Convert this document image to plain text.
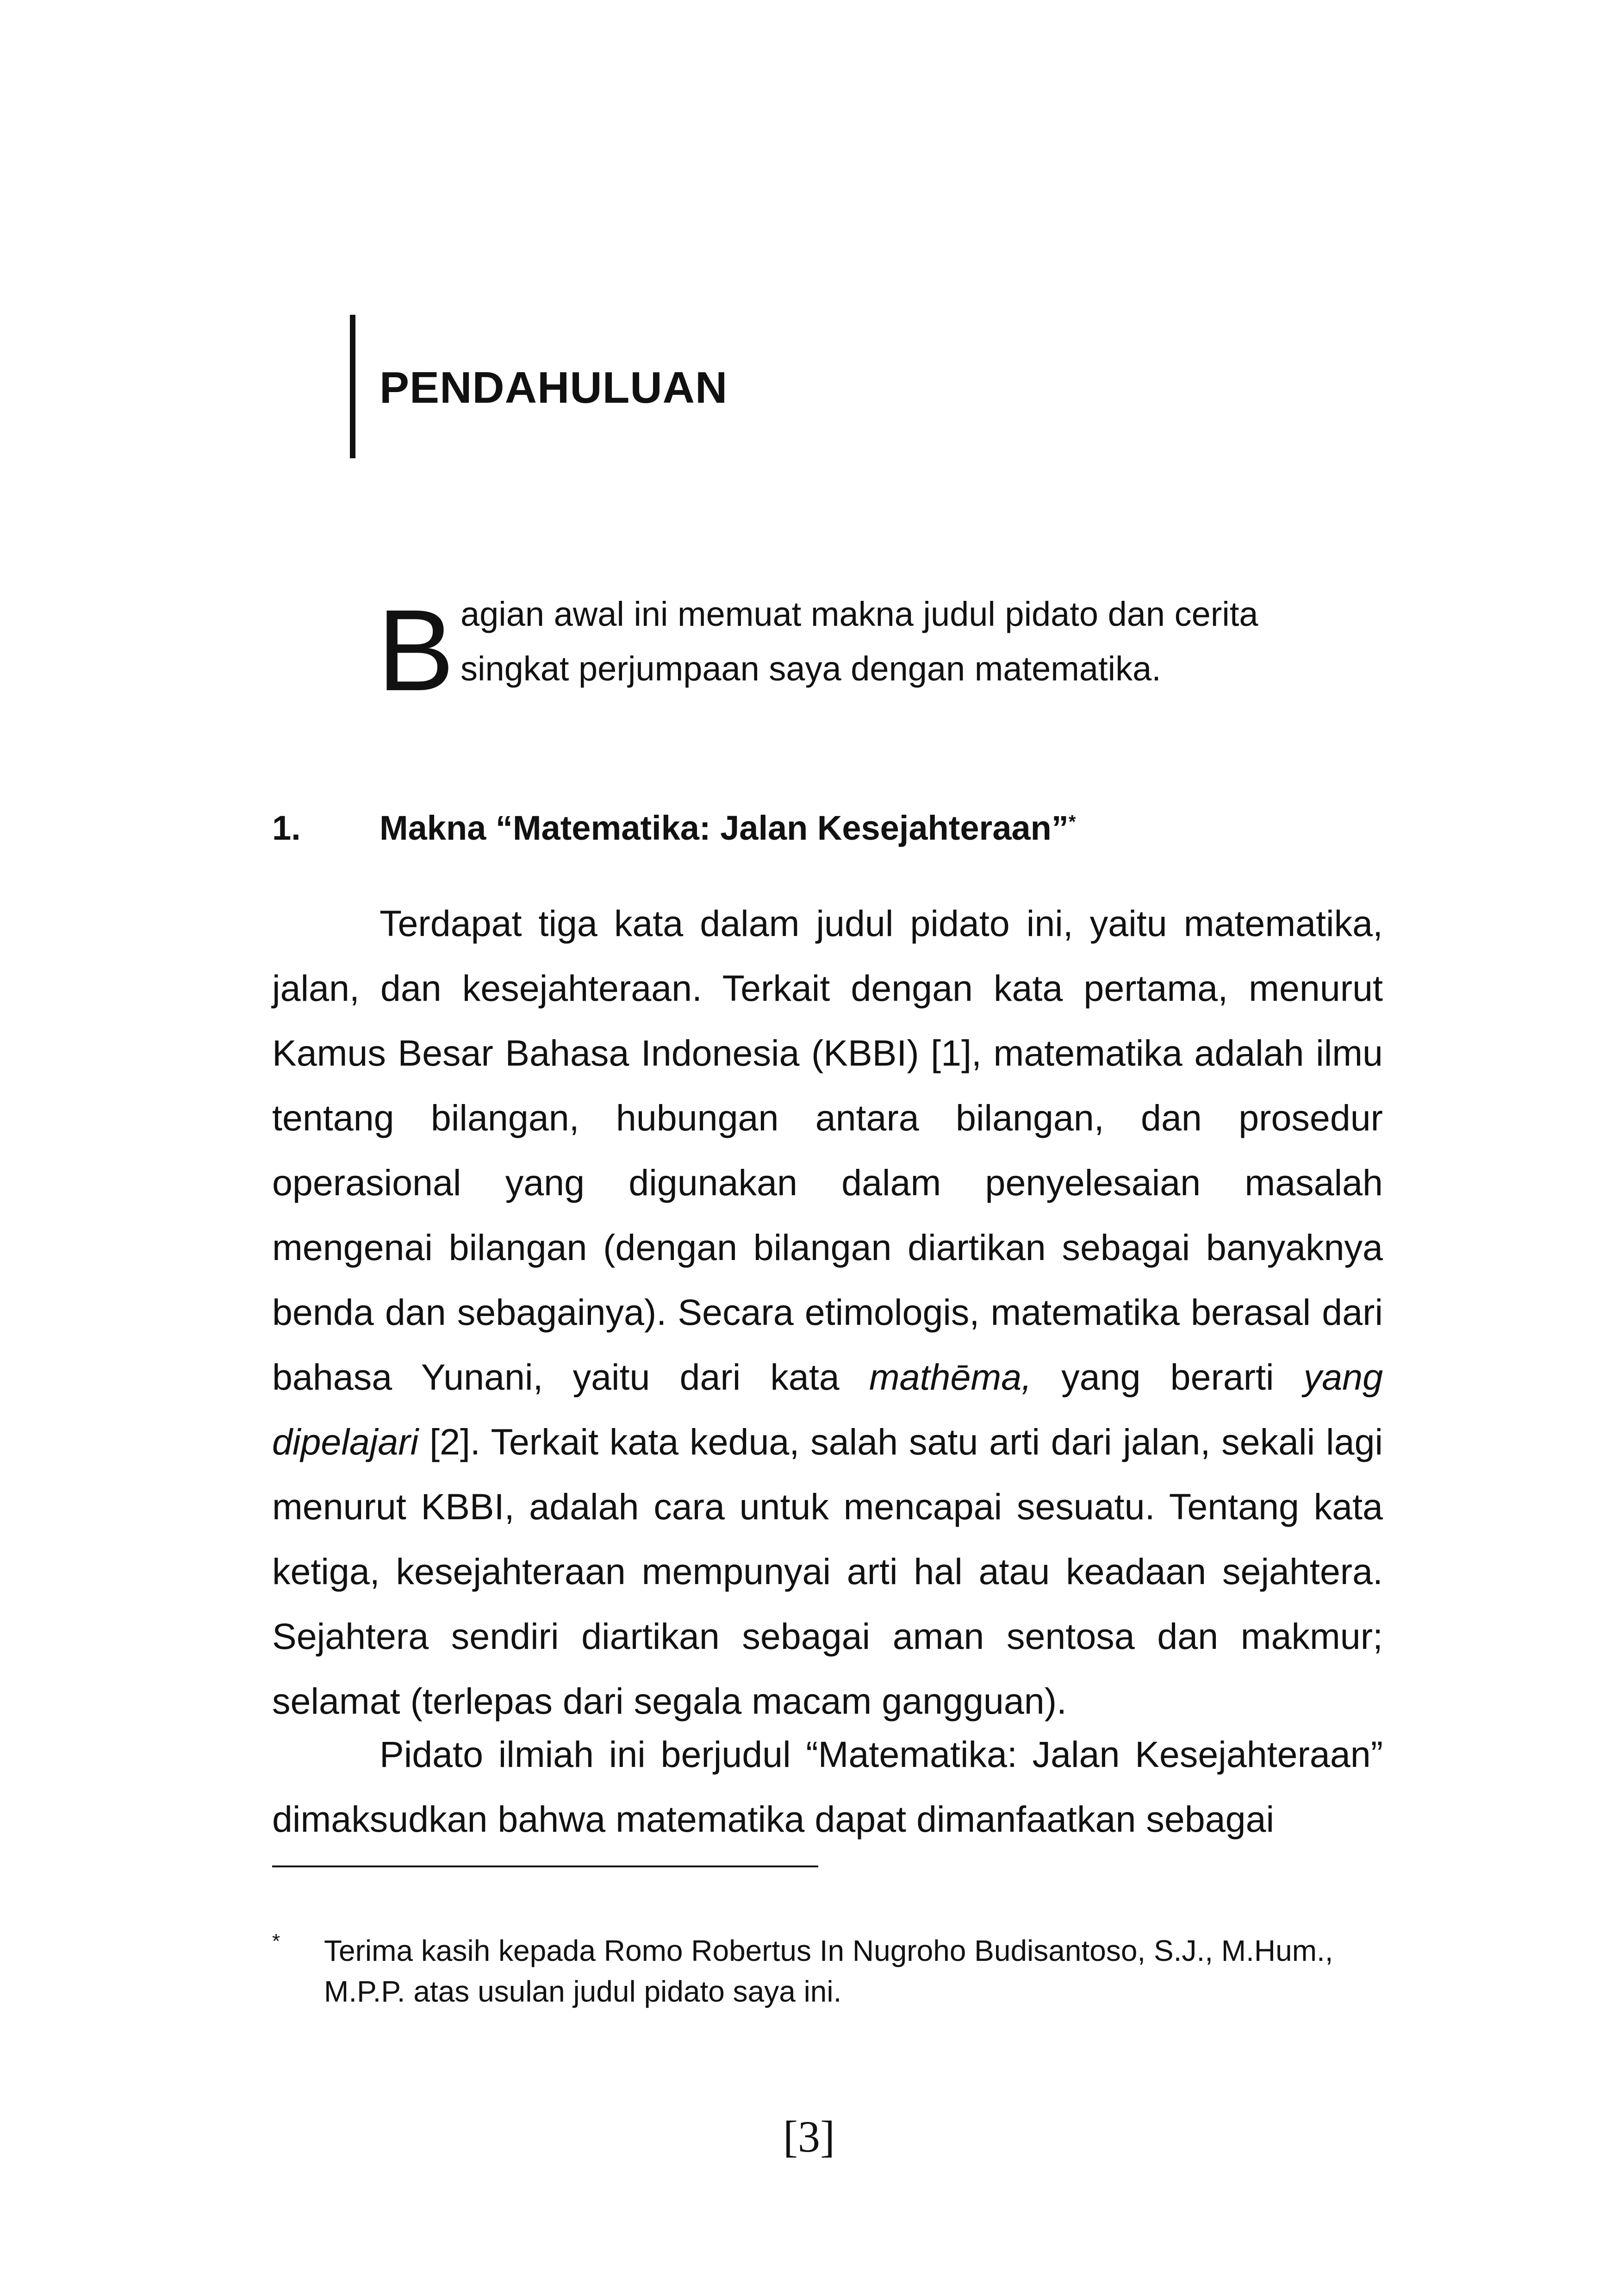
PENDAHULUAN
B agian awal ini memuat makna judul pidato dan cerita
singkat perjumpaan saya dengan matematika.
1. Makna “Matematika: Jalan Kesejahteraan”*

Terdapat tiga kata dalam judul pidato ini, yaitu matematika, jalan, dan kesejahteraan. Terkait dengan kata pertama, menurut Kamus Besar Bahasa Indonesia (KBBI) [1], matematika adalah ilmu tentang bilangan, hubungan antara bilangan, dan prosedur operasional yang digunakan dalam penyelesaian masalah mengenai bilangan (dengan bilangan diartikan sebagai banyaknya benda dan sebagainya). Secara etimologis, matematika berasal dari bahasa Yunani, yaitu dari kata mathēma, yang berarti yang dipelajari [2]. Terkait kata kedua, salah satu arti dari jalan, sekali lagi menurut KBBI, adalah cara untuk mencapai sesuatu. Tentang kata ketiga, kesejahteraan mempunyai arti hal atau keadaan sejahtera. Sejahtera sendiri diartikan sebagai aman sentosa dan makmur; selamat (terlepas dari segala macam gangguan).

Pidato ilmiah ini berjudul “Matematika: Jalan Kesejahteraan” dimaksudkan bahwa matematika dapat dimanfaatkan sebagai

* Terima kasih kepada Romo Robertus In Nugroho Budisantoso, S.J., M.Hum., M.P.P. atas usulan judul pidato saya ini.
[3]
